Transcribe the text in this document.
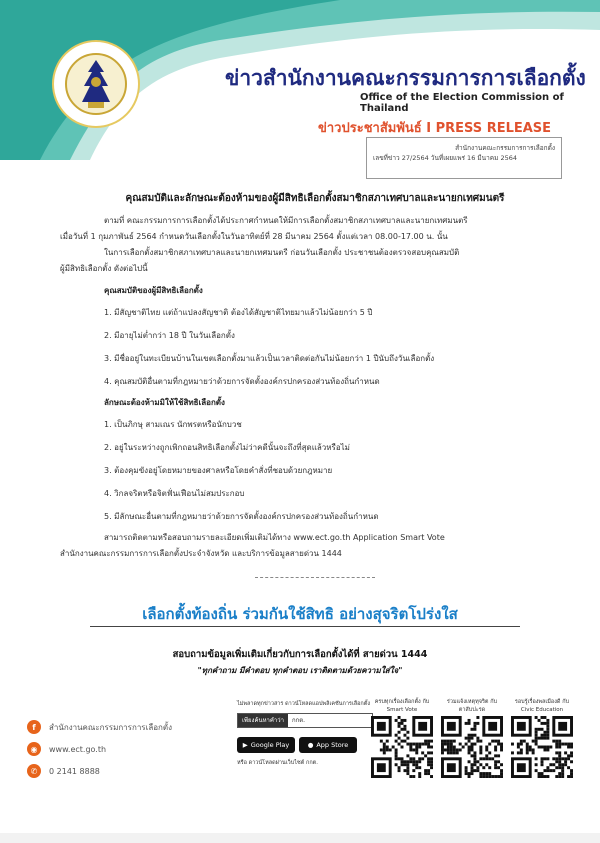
ข่าวสำนักงานคณะกรรมการการเลือกตั้ง
Office of the Election Commission of Thailand
ข่าวประชาสัมพันธ์ I PRESS RELEASE
สำนักงานคณะกรรมการการเลือกตั้ง
เลขที่ข่าว 27/2564 วันที่เผยแพร่ 16 มีนาคม 2564
คุณสมบัติและลักษณะต้องห้ามของผู้มีสิทธิเลือกตั้งสมาชิกสภาเทศบาลและนายกเทศมนตรี
ตามที่ คณะกรรมการการเลือกตั้งได้ประกาศกำหนดให้มีการเลือกตั้งสมาชิกสภาเทศบาลและนายกเทศมนตรี
เมื่อวันที่ 1 กุมภาพันธ์ 2564 กำหนดวันเลือกตั้งในวันอาทิตย์ที่ 28 มีนาคม 2564 ตั้งแต่เวลา 08.00-17.00 น. นั้น
ในการเลือกตั้งสมาชิกสภาเทศบาลและนายกเทศมนตรี ก่อนวันเลือกตั้ง ประชาชนต้องตรวจสอบคุณสมบัติ
ผู้มีสิทธิเลือกตั้ง ดังต่อไปนี้
คุณสมบัติของผู้มีสิทธิเลือกตั้ง
1. มีสัญชาติไทย แต่ถ้าแปลงสัญชาติ ต้องได้สัญชาติไทยมาแล้วไม่น้อยกว่า 5 ปี
2. มีอายุไม่ต่ำกว่า 18 ปี ในวันเลือกตั้ง
3. มีชื่ออยู่ในทะเบียนบ้านในเขตเลือกตั้งมาแล้วเป็นเวลาติดต่อกันไม่น้อยกว่า 1 ปีนับถึงวันเลือกตั้ง
4. คุณสมบัติอื่นตามที่กฎหมายว่าด้วยการจัดตั้งองค์กรปกครองส่วนท้องถิ่นกำหนด
ลักษณะต้องห้ามมิให้ใช้สิทธิเลือกตั้ง
1. เป็นภิกษุ สามเณร นักพรตหรือนักบวช
2. อยู่ในระหว่างถูกเพิกถอนสิทธิเลือกตั้งไม่ว่าคดีนั้นจะถึงที่สุดแล้วหรือไม่
3. ต้องคุมขังอยู่โดยหมายของศาลหรือโดยคำสั่งที่ชอบด้วยกฎหมาย
4. วิกลจริตหรือจิตฟั่นเฟือนไม่สมประกอบ
5. มีลักษณะอื่นตามที่กฎหมายว่าด้วยการจัดตั้งองค์กรปกครองส่วนท้องถิ่นกำหนด
สามารถติดตามหรือสอบถามรายละเอียดเพิ่มเติมได้ทาง www.ect.go.th Application Smart Vote
สำนักงานคณะกรรมการการเลือกตั้งประจำจังหวัด และบริการข้อมูลสายด่วน 1444
เลือกตั้งท้องถิ่น ร่วมกันใช้สิทธิ อย่างสุจริตโปร่งใส
สอบถามข้อมูลเพิ่มเติมเกี่ยวกับการเลือกตั้งได้ที่ สายด่วน 1444
"ทุกคำถาม มีคำตอบ ทุกคำตอบ เราติดตามด้วยความใส่ใจ"
f	สำนักงานคณะกรรมการการเลือกตั้ง
◉	www.ect.go.th
✆	0 2141 8888
ไม่พลาดทุกข่าวสาร ดาวน์โหลดแอปพลิเคชันการเลือกตั้ง
เพียงค้นหาคำว่า	กกต.
▶ Google Play	● App Store
หรือ ดาวน์โหลดผ่านเว็บไซต์ กกต.
ครบทุกเรื่องเลือกตั้ง กับ
Smart Vote
ร่วมแจ้งเหตุทุจริต กับ
ตาสับปะรด
รอบรู้เรื่องพลเมืองดี กับ
Civic Education
